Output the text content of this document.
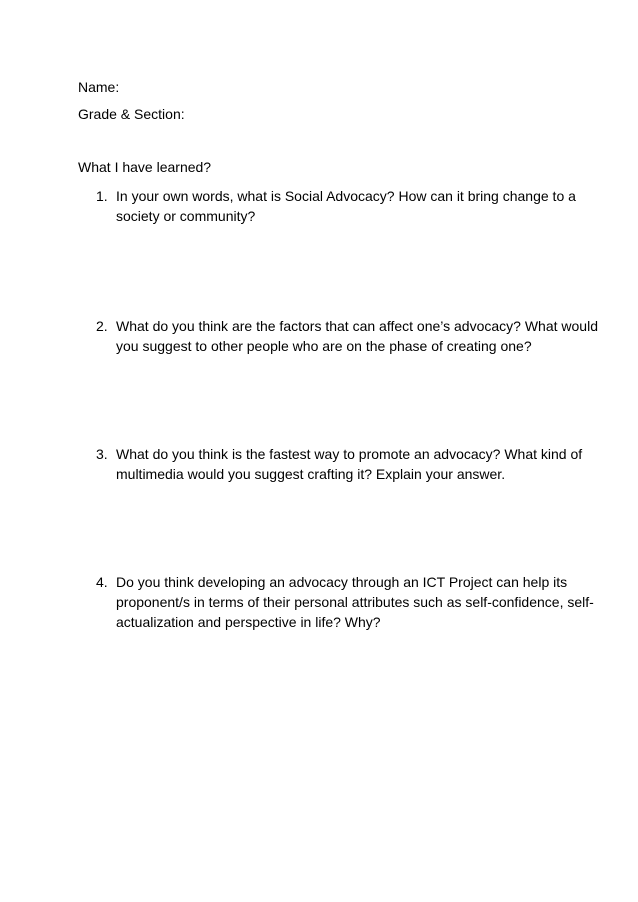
Name:
Grade & Section:
What I have learned?
1. In your own words, what is Social Advocacy? How can it bring change to a
society or community?
2. What do you think are the factors that can affect one’s advocacy? What would
you suggest to other people who are on the phase of creating one?
3. What do you think is the fastest way to promote an advocacy? What kind of
multimedia would you suggest crafting it? Explain your answer.
4. Do you think developing an advocacy through an ICT Project can help its
proponent/s in terms of their personal attributes such as self-confidence, self-
actualization and perspective in life? Why?
